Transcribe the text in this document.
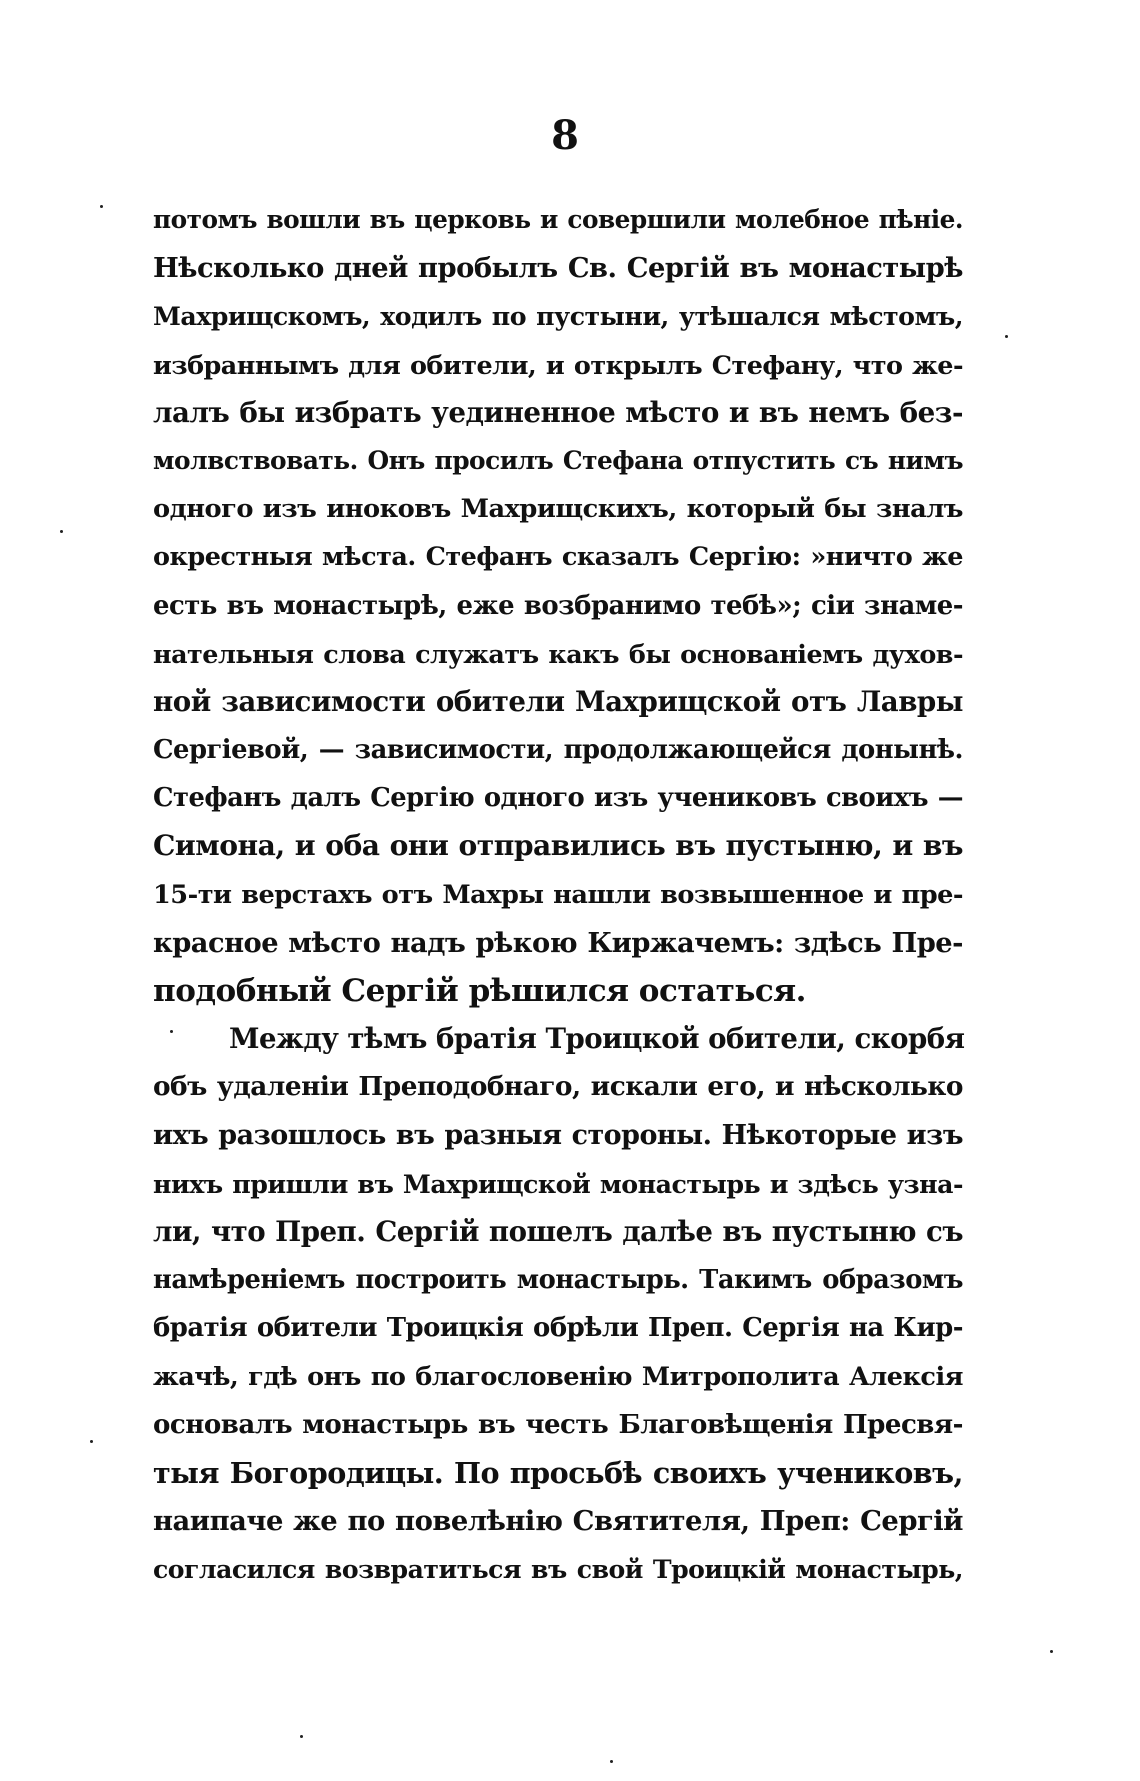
8
потомъ вошли въ церковь и совершили молебное пѣніе.
Нѣсколько дней пробылъ Св. Сергій въ монастырѣ
Махрищскомъ, ходилъ по пустыни, утѣшался мѣстомъ,
избраннымъ для обители, и открылъ Стефану, что же-
лалъ бы избрать уединенное мѣсто и въ немъ без-
молвствовать. Онъ просилъ Стефана отпустить съ нимъ
одного изъ иноковъ Махрищскихъ, который бы зналъ
окрестныя мѣста. Стефанъ сказалъ Сергію: »ничто же
есть въ монастырѣ, еже возбранимо тебѣ»; сіи знаме-
нательныя слова служатъ какъ бы основаніемъ духов-
ной зависимости обители Махрищской отъ Лавры
Сергіевой, — зависимости, продолжающейся донынѣ.
Стефанъ далъ Сергію одного изъ учениковъ своихъ —
Симона, и оба они отправились въ пустыню, и въ
15-ти верстахъ отъ Махры нашли возвышенное и пре-
красное мѣсто надъ рѣкою Киржачемъ: здѣсь Пре-
подобный Сергій рѣшился остаться.
Между тѣмъ братія Троицкой обители, скорбя
объ удаленіи Преподобнаго, искали его, и нѣсколько
ихъ разошлось въ разныя стороны. Нѣкоторые изъ
нихъ пришли въ Махрищской монастырь и здѣсь узна-
ли, что Преп. Сергій пошелъ далѣе въ пустыню съ
намѣреніемъ построить монастырь. Такимъ образомъ
братія обители Троицкія обрѣли Преп. Сергія на Кир-
жачѣ, гдѣ онъ по благословенію Митрополита Алексія
основалъ монастырь въ честь Благовѣщенія Пресвя-
тыя Богородицы. По просьбѣ своихъ учениковъ,
наипаче же по повелѣнію Святителя, Преп: Сергій
согласился возвратиться въ свой Троицкій монастырь,
